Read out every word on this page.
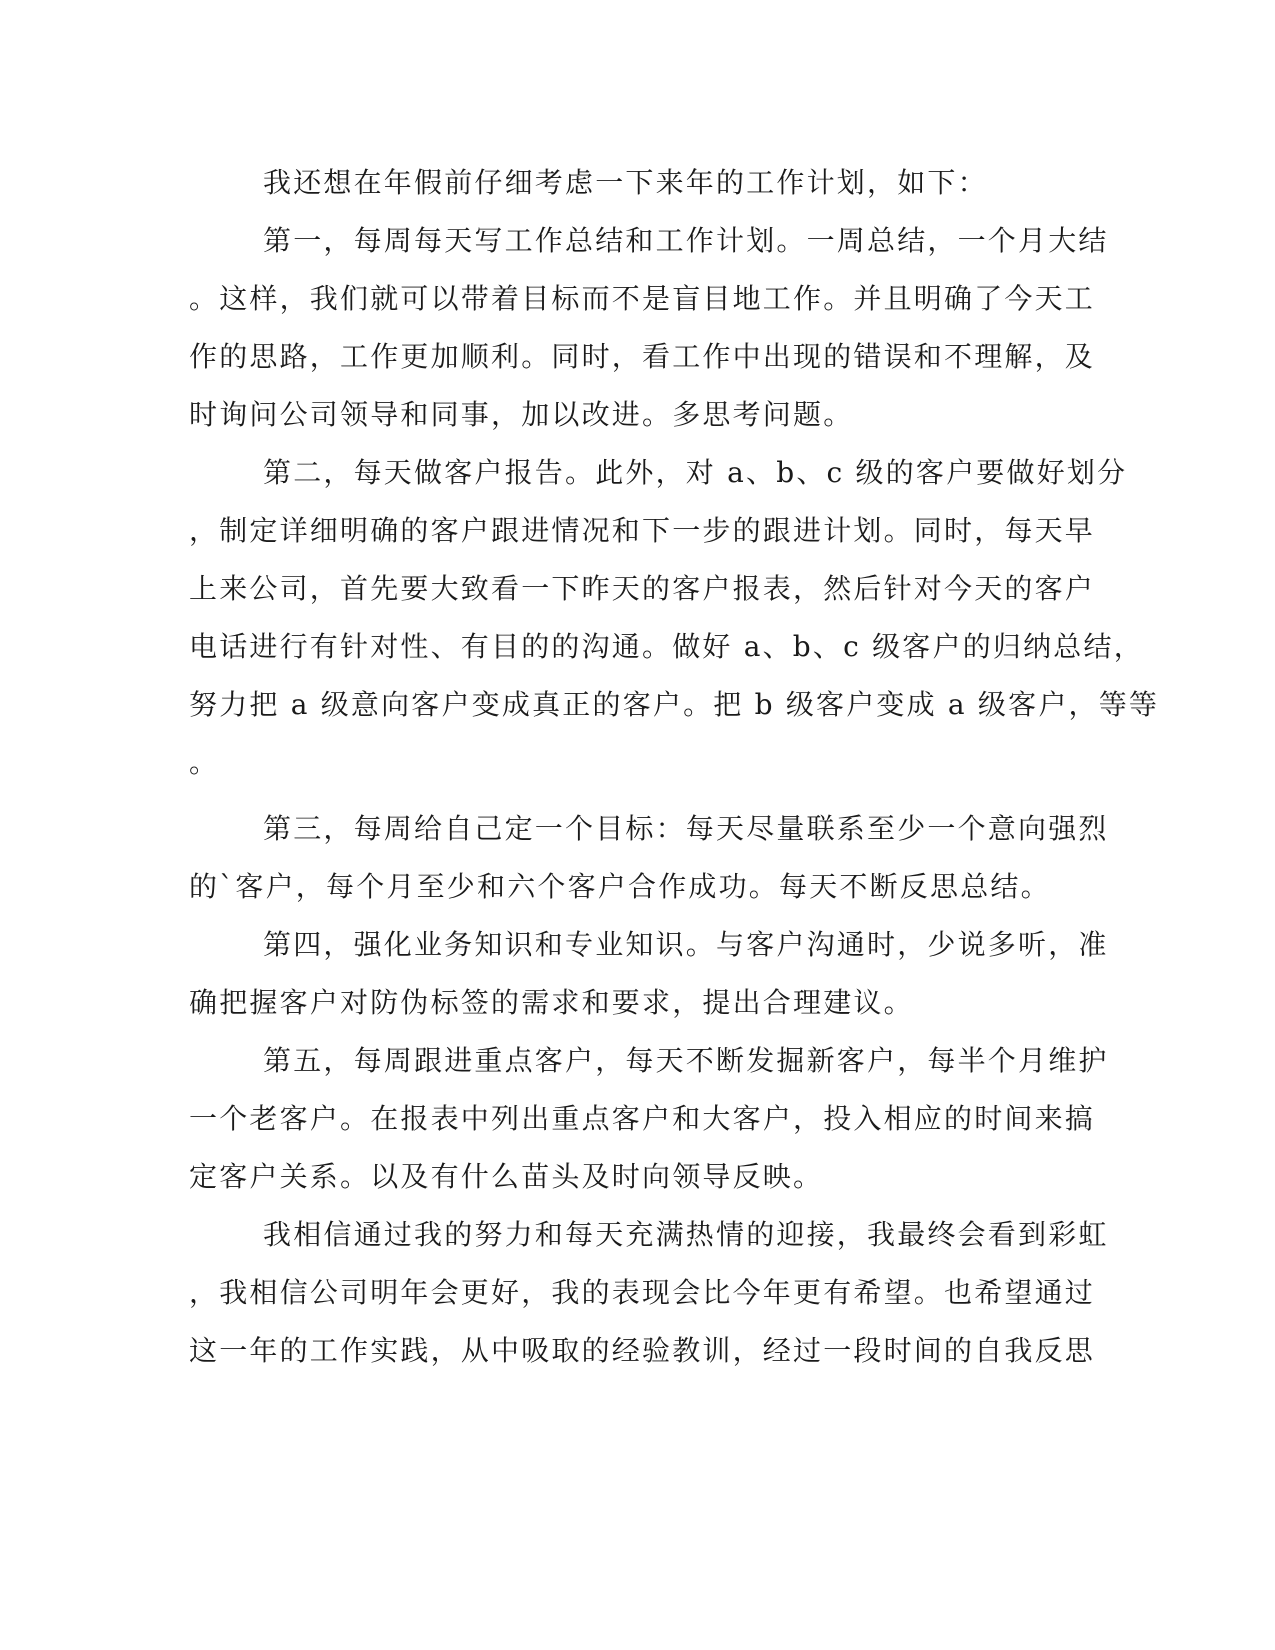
我还想在年假前仔细考虑一下来年的工作计划，如下：
第一，每周每天写工作总结和工作计划。一周总结，一个月大结
。这样，我们就可以带着目标而不是盲目地工作。并且明确了今天工
作的思路，工作更加顺利。同时，看工作中出现的错误和不理解，及
时询问公司领导和同事，加以改进。多思考问题。
第二，每天做客户报告。此外，对 a、b、c 级的客户要做好划分
，制定详细明确的客户跟进情况和下一步的跟进计划。同时，每天早
上来公司，首先要大致看一下昨天的客户报表，然后针对今天的客户
电话进行有针对性、有目的的沟通。做好 a、b、c 级客户的归纳总结，
努力把 a 级意向客户变成真正的客户。把 b 级客户变成 a 级客户，等等
。
第三，每周给自己定一个目标：每天尽量联系至少一个意向强烈
的`客户，每个月至少和六个客户合作成功。每天不断反思总结。
第四，强化业务知识和专业知识。与客户沟通时，少说多听，准
确把握客户对防伪标签的需求和要求，提出合理建议。
第五，每周跟进重点客户，每天不断发掘新客户，每半个月维护
一个老客户。在报表中列出重点客户和大客户，投入相应的时间来搞
定客户关系。以及有什么苗头及时向领导反映。
我相信通过我的努力和每天充满热情的迎接，我最终会看到彩虹
，我相信公司明年会更好，我的表现会比今年更有希望。也希望通过
这一年的工作实践，从中吸取的经验教训，经过一段时间的自我反思
